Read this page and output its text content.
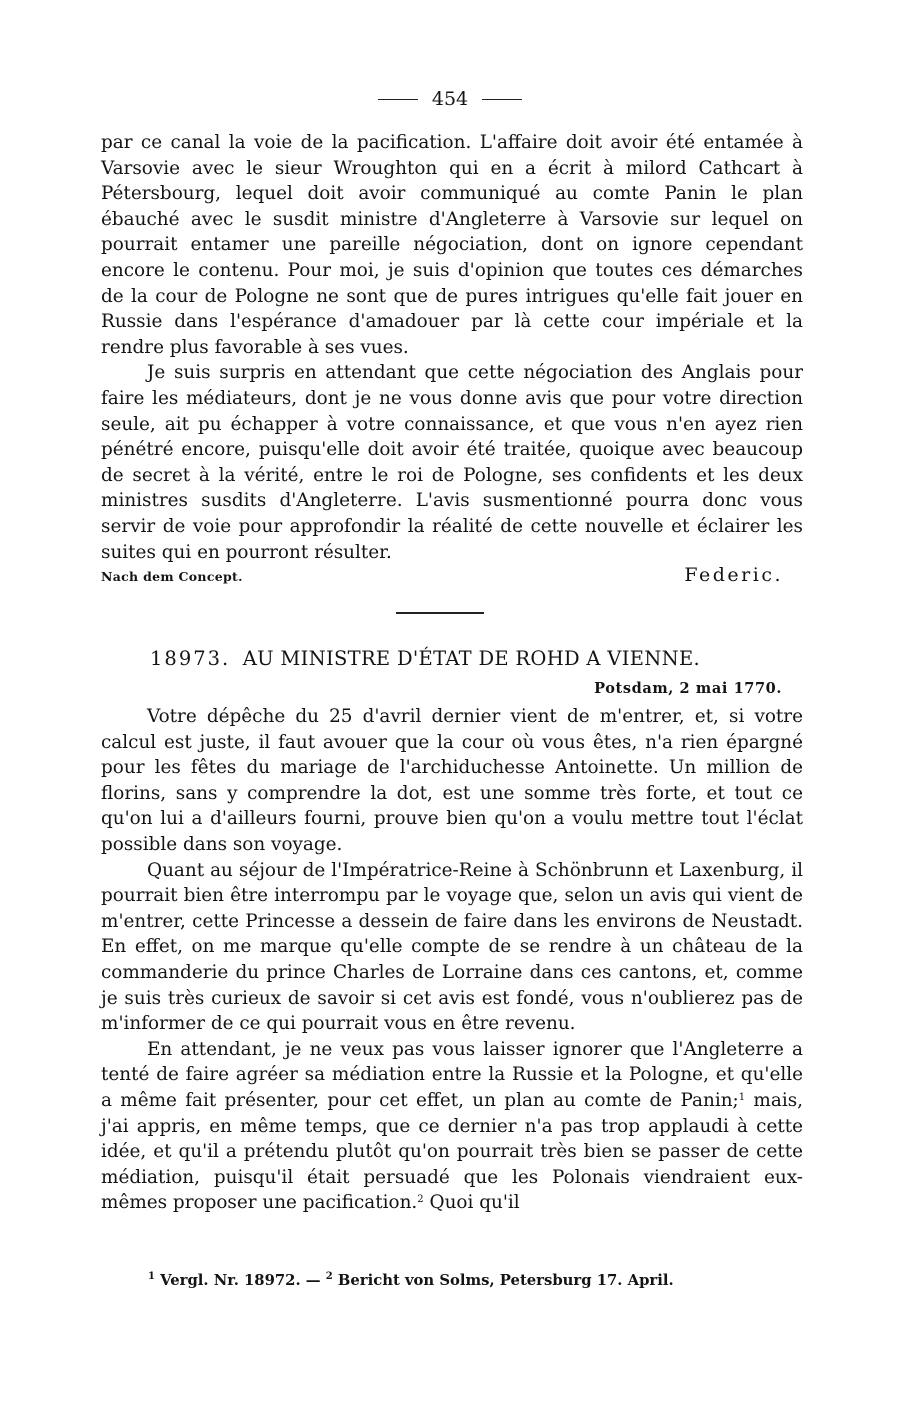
454

par ce canal la voie de la pacification. L'affaire doit avoir été entamée à Varsovie avec le sieur Wroughton qui en a écrit à milord Cathcart à Pétersbourg, lequel doit avoir communiqué au comte Panin le plan ébauché avec le susdit ministre d'Angleterre à Varsovie sur lequel on pourrait entamer une pareille négociation, dont on ignore cependant encore le contenu. Pour moi, je suis d'opinion que toutes ces démarches de la cour de Pologne ne sont que de pures intrigues qu'elle fait jouer en Russie dans l'espérance d'amadouer par là cette cour impériale et la rendre plus favorable à ses vues.

Je suis surpris en attendant que cette négociation des Anglais pour faire les médiateurs, dont je ne vous donne avis que pour votre direction seule, ait pu échapper à votre connaissance, et que vous n'en ayez rien pénétré encore, puisqu'elle doit avoir été traitée, quoique avec beaucoup de secret à la vérité, entre le roi de Pologne, ses confidents et les deux ministres susdits d'Angleterre. L'avis susmentionné pourra donc vous servir de voie pour approfondir la réalité de cette nouvelle et éclairer les suites qui en pourront résulter.

Nach dem Concept.	Federic.
18973. AU MINISTRE D'ÉTAT DE ROHD A VIENNE.
Potsdam, 2 mai 1770.

Votre dépêche du 25 d'avril dernier vient de m'entrer, et, si votre calcul est juste, il faut avouer que la cour où vous êtes, n'a rien épargné pour les fêtes du mariage de l'archiduchesse Antoinette. Un million de florins, sans y comprendre la dot, est une somme très forte, et tout ce qu'on lui a d'ailleurs fourni, prouve bien qu'on a voulu mettre tout l'éclat possible dans son voyage.

Quant au séjour de l'Impératrice-Reine à Schönbrunn et Laxenburg, il pourrait bien être interrompu par le voyage que, selon un avis qui vient de m'entrer, cette Princesse a dessein de faire dans les environs de Neustadt. En effet, on me marque qu'elle compte de se rendre à un château de la commanderie du prince Charles de Lorraine dans ces cantons, et, comme je suis très curieux de savoir si cet avis est fondé, vous n'oublierez pas de m'informer de ce qui pourrait vous en être revenu.

En attendant, je ne veux pas vous laisser ignorer que l'Angleterre a tenté de faire agréer sa médiation entre la Russie et la Pologne, et qu'elle a même fait présenter, pour cet effet, un plan au comte de Panin;$^1$ mais, j'ai appris, en même temps, que ce dernier n'a pas trop applaudi à cette idée, et qu'il a prétendu plutôt qu'on pourrait très bien se passer de cette médiation, puisqu'il était persuadé que les Polonais viendraient eux-mêmes proposer une pacification.$^2$ Quoi qu'il

$^1$ Vergl. Nr. 18972. — $^2$ Bericht von Solms, Petersburg 17. April.
